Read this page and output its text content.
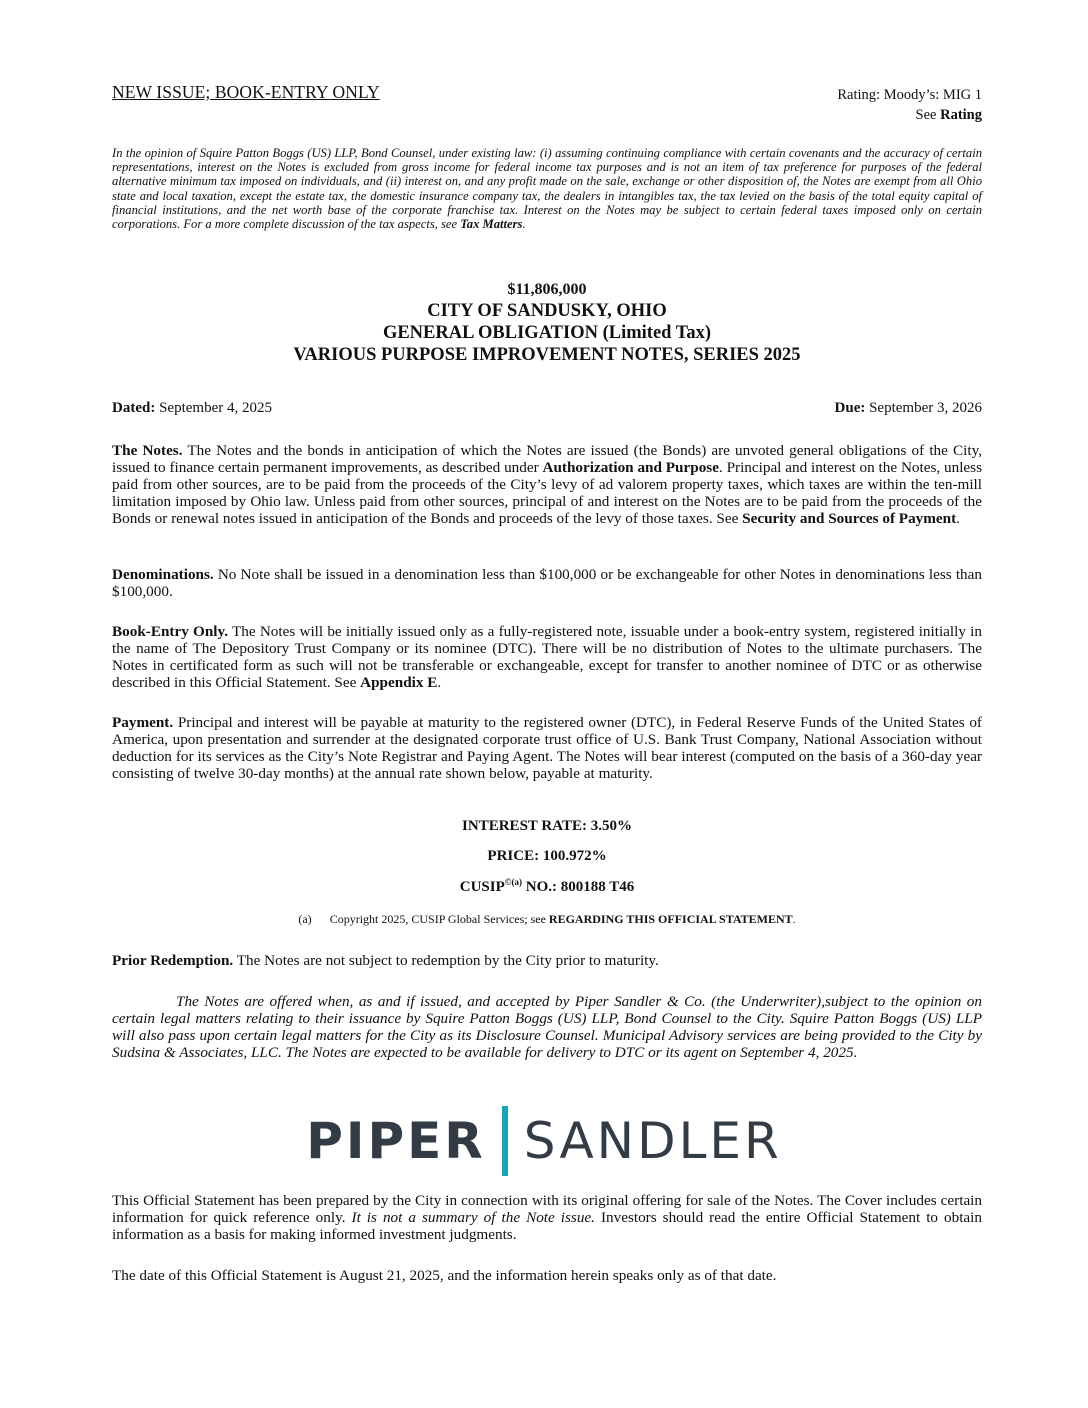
NEW ISSUE; BOOK-ENTRY ONLY	Rating: Moody’s: MIG 1
See Rating
In the opinion of Squire Patton Boggs (US) LLP, Bond Counsel, under existing law: (i) assuming continuing compliance with certain covenants and the accuracy of certain representations, interest on the Notes is excluded from gross income for federal income tax purposes and is not an item of tax preference for purposes of the federal alternative minimum tax imposed on individuals, and (ii) interest on, and any profit made on the sale, exchange or other disposition of, the Notes are exempt from all Ohio state and local taxation, except the estate tax, the domestic insurance company tax, the dealers in intangibles tax, the tax levied on the basis of the total equity capital of financial institutions, and the net worth base of the corporate franchise tax. Interest on the Notes may be subject to certain federal taxes imposed only on certain corporations. For a more complete discussion of the tax aspects, see Tax Matters.
$11,806,000
CITY OF SANDUSKY, OHIO
GENERAL OBLIGATION (Limited Tax)
VARIOUS PURPOSE IMPROVEMENT NOTES, SERIES 2025
Dated: September 4, 2025	Due: September 3, 2026
The Notes. The Notes and the bonds in anticipation of which the Notes are issued (the Bonds) are unvoted general obligations of the City, issued to finance certain permanent improvements, as described under Authorization and Purpose. Principal and interest on the Notes, unless paid from other sources, are to be paid from the proceeds of the City’s levy of ad valorem property taxes, which taxes are within the ten-mill limitation imposed by Ohio law. Unless paid from other sources, principal of and interest on the Notes are to be paid from the proceeds of the Bonds or renewal notes issued in anticipation of the Bonds and proceeds of the levy of those taxes. See Security and Sources of Payment.
Denominations. No Note shall be issued in a denomination less than $100,000 or be exchangeable for other Notes in denominations less than $100,000.
Book-Entry Only. The Notes will be initially issued only as a fully-registered note, issuable under a book-entry system, registered initially in the name of The Depository Trust Company or its nominee (DTC). There will be no distribution of Notes to the ultimate purchasers. The Notes in certificated form as such will not be transferable or exchangeable, except for transfer to another nominee of DTC or as otherwise described in this Official Statement. See Appendix E.
Payment. Principal and interest will be payable at maturity to the registered owner (DTC), in Federal Reserve Funds of the United States of America, upon presentation and surrender at the designated corporate trust office of U.S. Bank Trust Company, National Association without deduction for its services as the City’s Note Registrar and Paying Agent. The Notes will bear interest (computed on the basis of a 360-day year consisting of twelve 30-day months) at the annual rate shown below, payable at maturity.
INTEREST RATE: 3.50%
PRICE: 100.972%
$CUSIP^{©(a)}$ NO.: 800188 T46
(a) Copyright 2025, CUSIP Global Services; see REGARDING THIS OFFICIAL STATEMENT.
Prior Redemption. The Notes are not subject to redemption by the City prior to maturity.
The Notes are offered when, as and if issued, and accepted by Piper Sandler & Co. (the Underwriter),subject to the opinion on certain legal matters relating to their issuance by Squire Patton Boggs (US) LLP, Bond Counsel to the City. Squire Patton Boggs (US) LLP will also pass upon certain legal matters for the City as its Disclosure Counsel. Municipal Advisory services are being provided to the City by Sudsina & Associates, LLC. The Notes are expected to be available for delivery to DTC or its agent on September 4, 2025.
PIPER SANDLER
This Official Statement has been prepared by the City in connection with its original offering for sale of the Notes. The Cover includes certain information for quick reference only. It is not a summary of the Note issue. Investors should read the entire Official Statement to obtain information as a basis for making informed investment judgments.
The date of this Official Statement is August 21, 2025, and the information herein speaks only as of that date.
